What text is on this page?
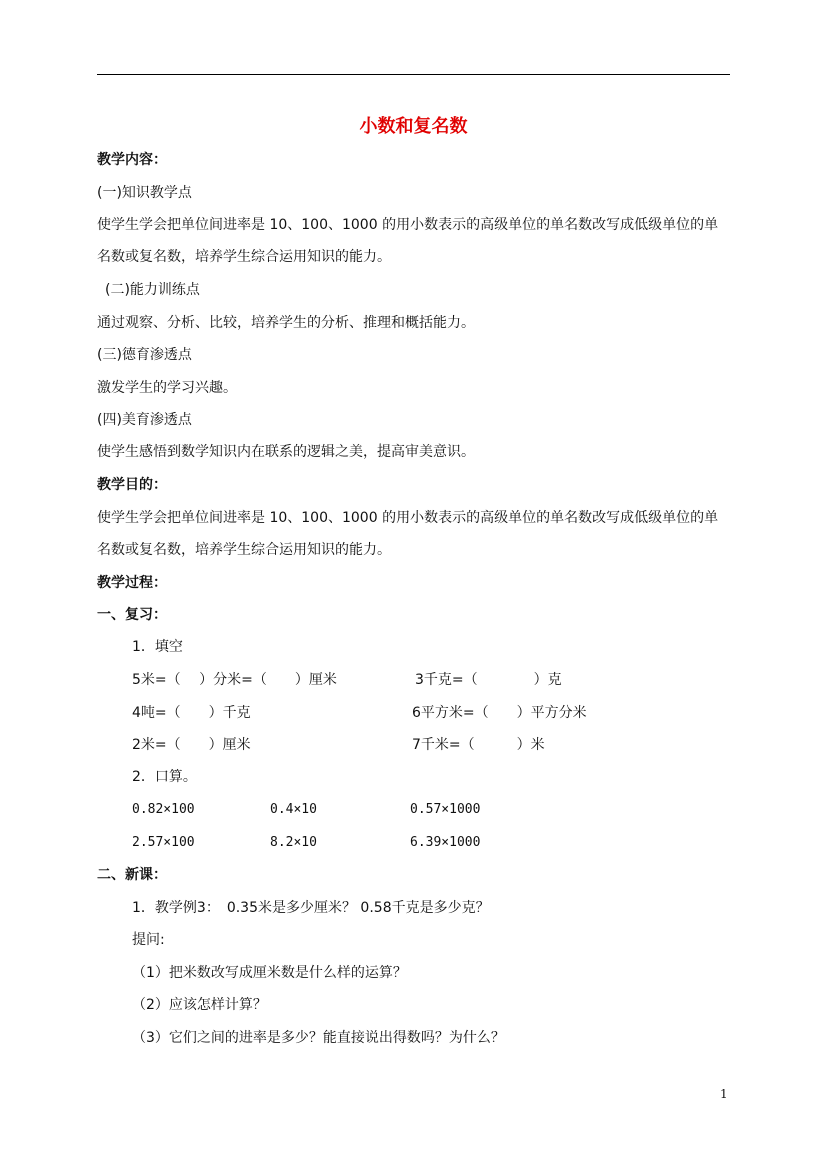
小数和复名数
教学内容：
(一)知识教学点
使学生学会把单位间进率是 10、100、1000 的用小数表示的高级单位的单名数改写成低级单位的单
名数或复名数，培养学生综合运用知识的能力。
(二)能力训练点
通过观察、分析、比较，培养学生的分析、推理和概括能力。
(三)德育渗透点
激发学生的学习兴趣。
(四)美育渗透点
使学生感悟到数学知识内在联系的逻辑之美，提高审美意识。
教学目的：
使学生学会把单位间进率是 10、100、1000 的用小数表示的高级单位的单名数改写成低级单位的单
名数或复名数，培养学生综合运用知识的能力。
教学过程：
一、复习：
1．填空
5米=（　 ）分米=（　　）厘米	3千克=（　　　　）克
4吨=（　　）千克	6平方米=（　　）平方分米
2米=（　　）厘米	7千米=（　　　）米
2．口算。
0.82×100	0.4×10	0.57×1000
2.57×100	8.2×10	6.39×1000
二、新课：
1．教学例3：　0.35米是多少厘米？ 0.58千克是多少克？
提问:
（1）把米数改写成厘米数是什么样的运算？
（2）应该怎样计算？
（3）它们之间的进率是多少？能直接说出得数吗？为什么？
1
